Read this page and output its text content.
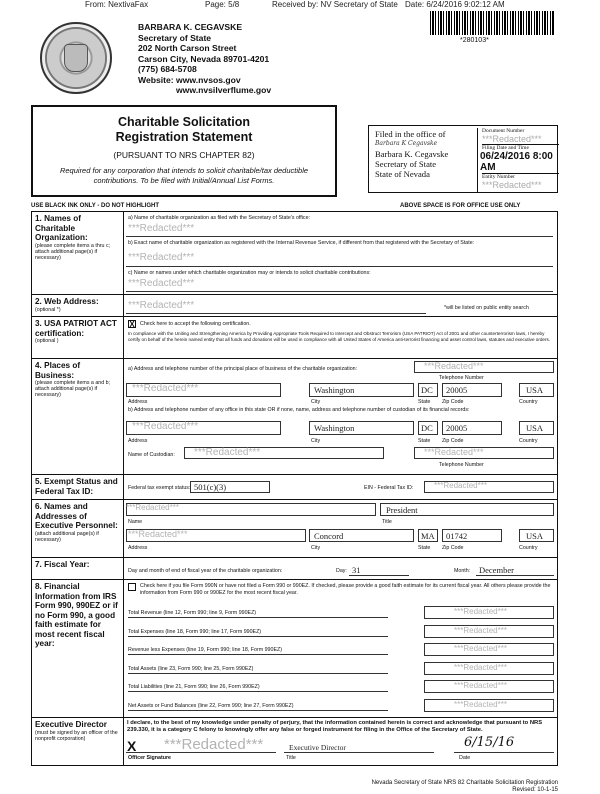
From: NextivaFax	Page: 5/8	Received by: NV Secretary of State Date: 6/24/2016 9:02:12 AM
*280103*
BARBARA K. CEGAVSKE
Secretary of State
202 North Carson Street
Carson City, Nevada 89701-4201
(775) 684-5708
Website: www.nvsos.gov
www.nvsilverflume.gov
Charitable Solicitation
Registration Statement
(PURSUANT TO NRS CHAPTER 82)
Required for any corporation that intends to solicit charitable/tax deductible contributions. To be filed with Initial/Annual List Forms.
Filed in the office of
Barbara K Cegavske
Barbara K. Cegavske
Secretary of State
State of Nevada
Document Number
***Redacted***
Filing Date and Time
06/24/2016 8:00 AM
Entity Number
***Redacted***
USE BLACK INK ONLY - DO NOT HIGHLIGHT	ABOVE SPACE IS FOR OFFICE USE ONLY
1. Names of Charitable Organization:
(please complete items a thru c; attach additional page(s) if necessary)
a) Name of charitable organization as filed with the Secretary of State's office:
***Redacted***
b) Exact name of charitable organization as registered with the Internal Revenue Service, if different from that registered with the Secretary of State:
***Redacted***
c) Name or names under which charitable organization may or intends to solicit charitable contributions:
***Redacted***
2. Web Address:
(optional *)	***Redacted***	*will be listed on public entity search
3. USA PATRIOT ACT certification:
(optional )
X Check here to accept the following certification.
In compliance with the Uniting and Strengthening America by Providing Appropriate Tools Required to Intercept and Obstruct Terrorism (USA PATRIOT) Act of 2001 and other counterterrorism laws, I hereby certify on behalf of the herein named entity that all funds and donations will be used in compliance with all United States of America anti-terrorist financing and asset control laws, statutes and executive orders.
4. Places of Business:
(please complete items a and b; attach additional page(s) if necessary)
a) Address and telephone number of the principal place of business of the charitable organization:	***Redacted***
Telephone Number
***Redacted***	Washington	DC 20005	USA
Address	City	State Zip Code	Country
b) Address and telephone number of any office in this state OR if none, name, address and telephone number of custodian of its financial records:
***Redacted***	Washington	DC 20005	USA
Address	City	State Zip Code	Country
Name of Custodian: ***Redacted***	***Redacted***
Telephone Number
5. Exempt Status and Federal Tax ID:	Federal tax exempt status: 501(c)(3)	EIN - Federal Tax ID:	***Redacted***
6. Names and Addresses of Executive Personnel:
(attach additional page(s) if necessary)
***Redacted***	President
Name	Title
***Redacted***	Concord	MA 01742	USA
Address	City	State Zip Code	Country
7. Fiscal Year:
Day and month of end of fiscal year of the charitable organization:	Day: 31	Month: December
8. Financial Information from IRS Form 990, 990EZ or if no Form 990, a good faith estimate for most recent fiscal year:
Check here if you file Form 990N or have not filed a Form 990 or 990EZ. If checked, please provide a good faith estimate for its current fiscal year. All others please provide the information from Form 990 or 990EZ for the most recent fiscal year.
Total Revenue (line 12, Form 990; line 9, Form 990EZ)	***Redacted***
Total Expenses (line 18, Form 990; line 17, Form 990EZ)	***Redacted***
Revenue less Expenses (line 19, Form 990; line 18, Form 990EZ)	***Redacted***
Total Assets (line 23, Form 990; line 25, Form 990EZ)	***Redacted***
Total Liabilities (line 21, Form 990; line 26, Form 990EZ)	***Redacted***
Net Assets or Fund Balances (line 22, Form 990; line 27, Form 990EZ)	***Redacted***
Executive Director
(must be signed by an officer of the nonprofit corporation)
I declare, to the best of my knowledge under penalty of perjury, that the information contained herein is correct and acknowledge that pursuant to NRS 239.330, it is a category C felony to knowingly offer any false or forged instrument for filing in the Office of the Secretary of State.
X ***Redacted***
Officer Signature
Executive Director
Title
6/15/16
Date
Nevada Secretary of State NRS 82 Charitable Solicitation Registration
Revised: 10-1-15
